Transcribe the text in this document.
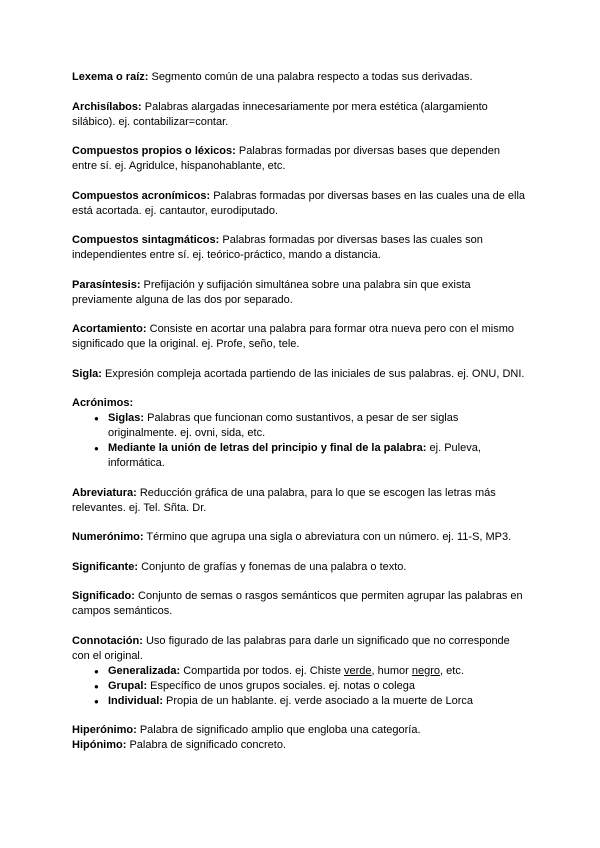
Lexema o raíz: Segmento común de una palabra respecto a todas sus derivadas.

Archisílabos: Palabras alargadas innecesariamente por mera estética (alargamiento silábico). ej. contabilizar=contar.

Compuestos propios o léxicos: Palabras formadas por diversas bases que dependen entre sí. ej. Agridulce, hispanohablante, etc.

Compuestos acronímicos: Palabras formadas por diversas bases en las cuales una de ella está acortada. ej. cantautor, eurodiputado.

Compuestos sintagmáticos: Palabras formadas por diversas bases las cuales son independientes entre sí. ej. teórico-práctico, mando a distancia.

Parasíntesis: Prefijación y sufijación simultánea sobre una palabra sin que exista previamente alguna de las dos por separado.

Acortamiento: Consiste en acortar una palabra para formar otra nueva pero con el mismo significado que la original. ej. Profe, seño, tele.

Sigla: Expresión compleja acortada partiendo de las iniciales de sus palabras. ej. ONU, DNI.

Acrónimos:
● Siglas: Palabras que funcionan como sustantivos, a pesar de ser siglas originalmente. ej. ovni, sida, etc.
● Mediante la unión de letras del principio y final de la palabra: ej. Puleva, informática.

Abreviatura: Reducción gráfica de una palabra, para lo que se escogen las letras más relevantes. ej. Tel. Sñta. Dr.

Numerónimo: Término que agrupa una sigla o abreviatura con un número. ej. 11-S, MP3.

Significante: Conjunto de grafías y fonemas de una palabra o texto.

Significado: Conjunto de semas o rasgos semánticos que permiten agrupar las palabras en campos semánticos.

Connotación: Uso figurado de las palabras para darle un significado que no corresponde con el original.
● Generalizada: Compartida por todos. ej. Chiste verde, humor negro, etc.
● Grupal: Específico de unos grupos sociales. ej. notas o colega
● Individual: Propia de un hablante. ej. verde asociado a la muerte de Lorca

Hiperónimo: Palabra de significado amplio que engloba una categoría.

Hipónimo: Palabra de significado concreto.
